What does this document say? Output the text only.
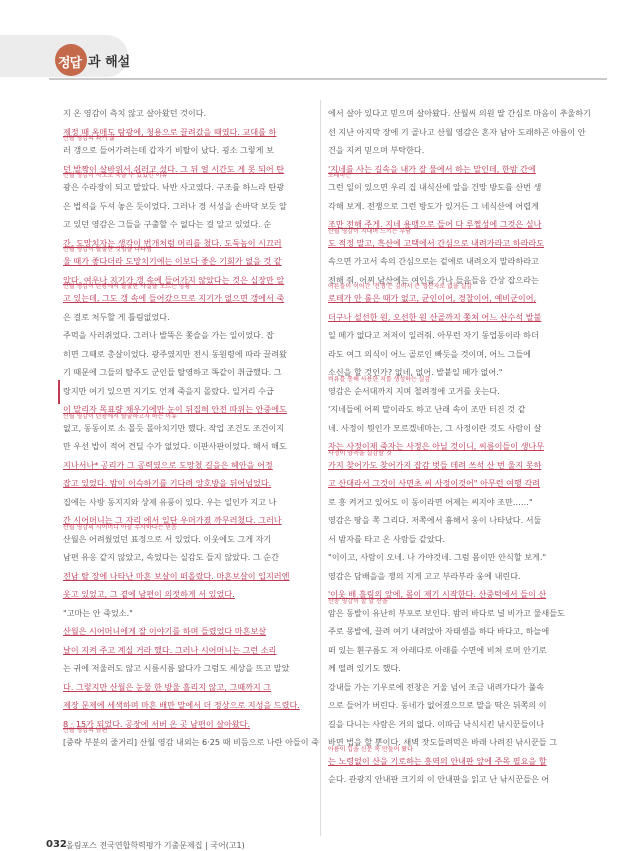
정답 과 해설
지 온 영감이 측치 않고 살아왔던 것이다.
제정 때 옥매도 탐광에, 청용으로 끌려갔을 때였다. 교대를 하
산월 영감의 과거 삶
러 갱으로 들어가려는데 갑자기 비탈이 났다. 굉소 그렇게 보
던 발짝이 살바위서 쉬러고 섰다. 그 뒤 얼 시간도 게 못 되어 탄
산월 영감이 사고로 죽을 수 있었던 이유
광은 수라장이 되고 말았다. 낙반 사고였다. 구조를 하느라 탄광
은 법석을 두셔 놓은 듯이었다. 그러나 경 서성을 손바닥 보듯 알
고 있던 영감은 그들을 구출할 수 없다는 걸 알고 있었다. 순
간, 도망치자는 생각이 번개처럼 머리를 쳤다. 도둑놈이 시끄러
산월 영감이 탈출한 것임을 나타냄
울 때가 좋다더라 도망치기에는 이보다 좋은 기회가 없을 것 같
았다. 여우나 지기가 갱 속에 들어가지 않았다는 것은 십장만 알
산월 영감이 탄광에서 탈출한 사실을 모르는 상황
고 있는데, 그도 갱 속에 들어갔으므로 지기가 없으면 갱에서 죽
은 걸로 처두할 게 틀림없었다.
주먹을 사러쥐었다. 그러나 발뚝은 쫓슬을 가는 일이었다. 잡
히면 그때로 총살이었다. 광주였지만 전시 동원령에 따라 끌려왔
기 때문에 그들의 탈주도 군인들 탈영하고 똑같이 취급했다. 그
랑지만 여기 있으면 지기도 언제 죽을지 몰랐다. 일거리 수급
이 말리자 목표량 채우기에만 눈이 뒤집혀 안전 따위는 안중에도
산월 영감이 탄광에서 탈출하고자 하는 이유
없고, 동동이로 소 몰듯 몰아치기만 했다. 작업 조건도 조건이지
만 우선 밥이 적어 견딜 수가 없었다. 이판사판이었다. 해서 해도
지나서나* 공리가 그 공력였으로 도망쳤 길을은 헤안을 어정
잡고 있었다. 밤이 이슥하기를 기다려 앙호방을 뒤어넘었다.
집에는 사방 동지지와 상제 유풍이 있다. 우는 일인가 지고 나
간 시어머니는 그 자리 에서 일단 우머가졌 까무러쳤다. 그러나
산월 영감의 시어머니 아들 무사하다는 믿음
산월은 어려웠었던 표정으로 서 있었다. 이웃에도 그게 자기
남편 유응 같지 않았고, 속었다는 실감도 들지 않았다. 그 순간
전남 탈 장에 나타난 마흔 보살이 떠올랐다. 마흔보살이 입지러엔
옷고 있었고, 그 곁에 남편이 의젓하게 서 있었다.
"고마는 안 죽었소."
산월은 시어머니에게 잘 이야기를 하며 들렸었다 마흔보살
날이 지켜 주고 계실 거라 했다. 그러나 시어머니는 그런 소리
는 귀에 저울러도 않고 시름시름 앓다가 그럼도 세상을 뜨고 말았
다. 그렇지만 산월은 눈물 한 방울 흘리지 않고, 그때까지 그
제장 문제에 세색하며 마흔 배만 말에서 더 정상으로 지성을 드렸다.
8 · 15가 되었다. 공장에 서버 온 곳 남편이 살아왔다.
산월 영감의 남편
[중략 부분의 줄거리] 산월 영감 내외는 6·25 때 비듬으로 나란 아들이 죽
에서 살아 있다고 믿으며 살아왔다. 산월씨 의원 딸 간심로 마음이 추울하기
선 지난 아지막 장에 기 골나고 산월 영감은 혼자 남아 도래하곤 아름이 안
건을 지켜 믿으며 부탁한다.
'지네를 사는 길속을 내가 잘 물에서 하는 말인데, 한밤 간에
도래하는
그런 일이 있으면 우리 집 내식산에 알을 건망 방도를 산번 생
각해 보게. 전쟁으로 그런 방도가 있거든 그 네식산에 어렵게
조만 전해 주게. 지네 용맹으로 들어 다 루쩔성에 그것은 실나
산월 영감이 지내며 느끼는 부담
도 적정 말고, 흑산에 고택에서 간심으로 내려가라고 하라라도
속으면 가고서 속의 간심으로는 겉에로 내려오지 말라하라고
전해 줘. 어찌 남산에는 여인을 가나 들음들음 간상 잡으라는
어른들이 이어간 '전쟁'은 깊어서 큰 생산자로 없을 실감
로테가 안 롤은 때가 없고, 균인이어, 경찰이어, 예비군이어,
더구나 설선한 원, 오선한 원 산골까지 쫓쳐 어느 산수석 발불
일 떼가 없다고 저저이 일러줘. 아무런 자기 동업동이라 하더
라도 여그 의식이 어느 골로인 빠듯을 것이며, 어느 그들에
소신을 할 것인가? 없네, 없어. 발붙일 떼가 없어."
비유를 통해 사용한 지를 생성하는 실감
영감은 순서대까지 지며 철려정에 고거를 웃는다.
'지네들에 어찌 말이라도 하고 난래 속이 조만 터진 것 같
네. 사정이 뭣인가 모르겠네마는, 그 사정이란 것도 사람이 살
자는 사정이제 죽자는 사정은 아닐 것이니, 씨름이들이 생나무
사정이 양측을 실감할 것
가지 찾어가도 찾어가지 잡감 벗들 데려 쓰석 산 번 울지 못하
고 산대라서 그것이 사면초 씨 사정이것어" 아무런 여행 각려
로 흥 켜거고 있어도 이 동이라면 어제는 씨지야 조만……"
영감은 땅을 쪽 그리다. 저쪽에서 흉해서 웅이 나타났다. 서둘
서 밤자를 타고 온 사람들 같았다.
"이이고, 사람이 오네. 나 가야것네. 그럼 몸이만 안식할 보게."
영감은 담배을을 쟁의 지게 고고 부라부라 웅에 내린다.
'이웃 배 흘림의 앞에, 몸이 제기 시작한다. 산중턱에서 들이 산
산중 영감이 잘 알 산을
암은 동발이 유난히 부포로 보인다. 밤러 바다로 널 비가고 물새들도
주로 몽발에, 끌려 여기 내려앉아 자태셈을 하다 바다고, 하늘에
떠 있는 흰구름도 저 아래다로 아래를 수면에 비쳐 로머 안기로
께 떨려 있기도 했다.
강내들 가는 기우로에 전창은 거울 넘어 조금 내려가다가 풀속
으로 들어가 버린다. 동네가 없어졌으므로 말을 딱은 뒤쪽의 이
길을 다니는 사람은 거의 없다. 이따금 낙식시킨 낚시꾼들이나
바면 법을 할 뿐이다. 새벽 잣도들려먹은 바래 나려진 낚시꾼들 그
아름이 입을 신문 목 만들어 왔다
는 노령없이 산을 기로하는 흥역의 안내판 앞에 주목 필요을 할
순다. 관광지 안내판 크기의 이 안내판을 읽고 난 낚시꾼들은 어
032 올림포스 전국연합학력평가 기출문제집 | 국어(고1)
